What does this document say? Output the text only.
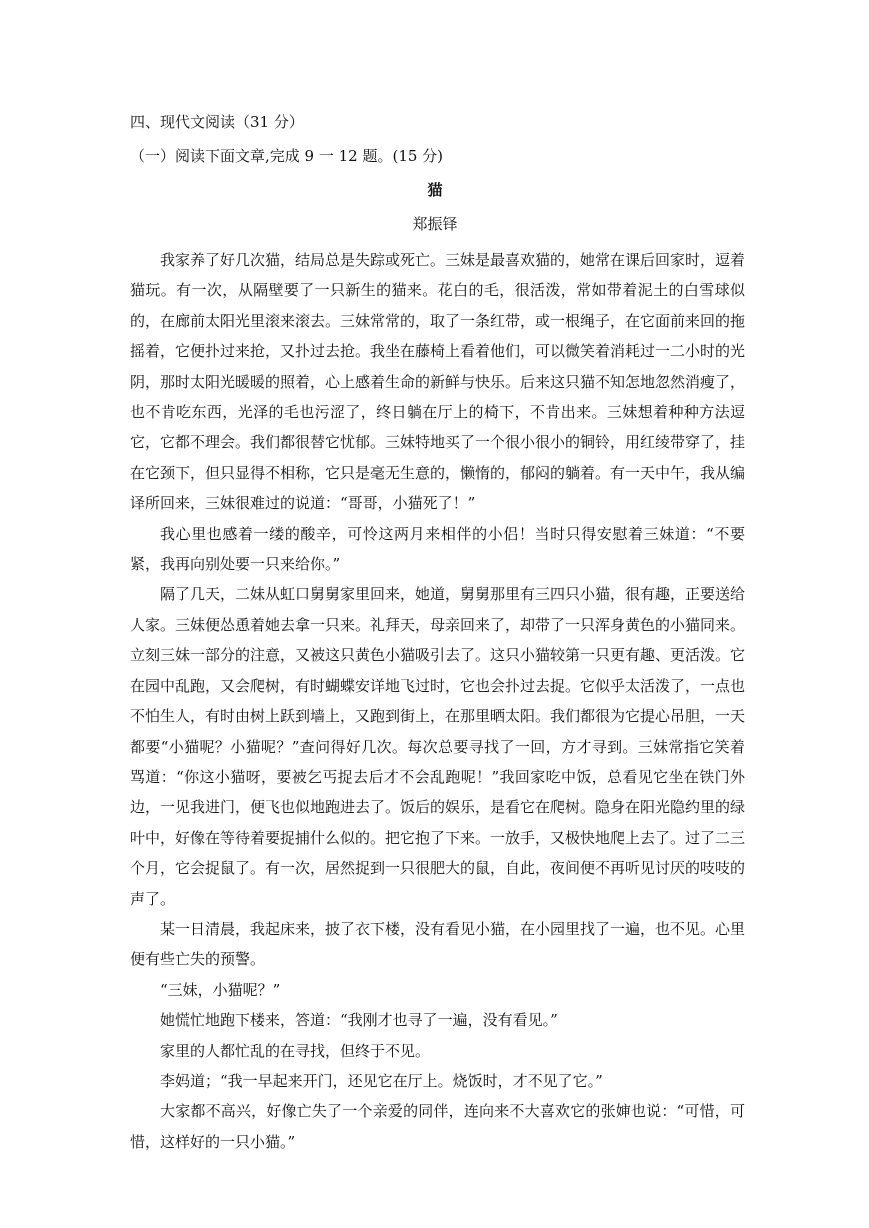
四、现代文阅读（31 分）
（一）阅读下面文章,完成 9 一 12 题。(15 分)
猫
郑振铎

我家养了好几次猫，结局总是失踪或死亡。三妹是最喜欢猫的，她常在课后回家时，逗着猫玩。有一次，从隔壁要了一只新生的猫来。花白的毛，很活泼，常如带着泥土的白雪球似的，在廊前太阳光里滚来滚去。三妹常常的，取了一条红带，或一根绳子，在它面前来回的拖摇着，它便扑过来抢，又扑过去抢。我坐在藤椅上看着他们，可以微笑着消耗过一二小时的光阴，那时太阳光暖暖的照着，心上感着生命的新鲜与快乐。后来这只猫不知怎地忽然消瘦了，也不肯吃东西，光泽的毛也污涩了，终日躺在厅上的椅下，不肯出来。三妹想着种种方法逗它，它都不理会。我们都很替它忧郁。三妹特地买了一个很小很小的铜铃，用红绫带穿了，挂在它颈下，但只显得不相称，它只是毫无生意的，懒惰的，郁闷的躺着。有一天中午，我从编译所回来，三妹很难过的说道：“哥哥，小猫死了！”

我心里也感着一缕的酸辛，可怜这两月来相伴的小侣！当时只得安慰着三妹道：“不要紧，我再向别处要一只来给你。”

隔了几天，二妹从虹口舅舅家里回来，她道，舅舅那里有三四只小猫，很有趣，正要送给人家。三妹便怂恿着她去拿一只来。礼拜天，母亲回来了，却带了一只浑身黄色的小猫同来。立刻三妹一部分的注意，又被这只黄色小猫吸引去了。这只小猫较第一只更有趣、更活泼。它在园中乱跑，又会爬树，有时蝴蝶安详地飞过时，它也会扑过去捉。它似乎太活泼了，一点也不怕生人，有时由树上跃到墙上，又跑到街上，在那里晒太阳。我们都很为它提心吊胆，一天都要“小猫呢？小猫呢？”查问得好几次。每次总要寻找了一回，方才寻到。三妹常指它笑着骂道：“你这小猫呀，要被乞丐捉去后才不会乱跑呢！”我回家吃中饭，总看见它坐在铁门外边，一见我进门，便飞也似地跑进去了。饭后的娱乐，是看它在爬树。隐身在阳光隐约里的绿叶中，好像在等待着要捉捕什么似的。把它抱了下来。一放手，又极快地爬上去了。过了二三个月，它会捉鼠了。有一次，居然捉到一只很肥大的鼠，自此，夜间便不再听见讨厌的吱吱的声了。

某一日清晨，我起床来，披了衣下楼，没有看见小猫，在小园里找了一遍，也不见。心里便有些亡失的预警。

“三妹，小猫呢？”

她慌忙地跑下楼来，答道：“我刚才也寻了一遍，没有看见。”

家里的人都忙乱的在寻找，但终于不见。

李妈道；“我一早起来开门，还见它在厅上。烧饭时，才不见了它。”

大家都不高兴，好像亡失了一个亲爱的同伴，连向来不大喜欢它的张婶也说：“可惜，可惜，这样好的一只小猫。”
